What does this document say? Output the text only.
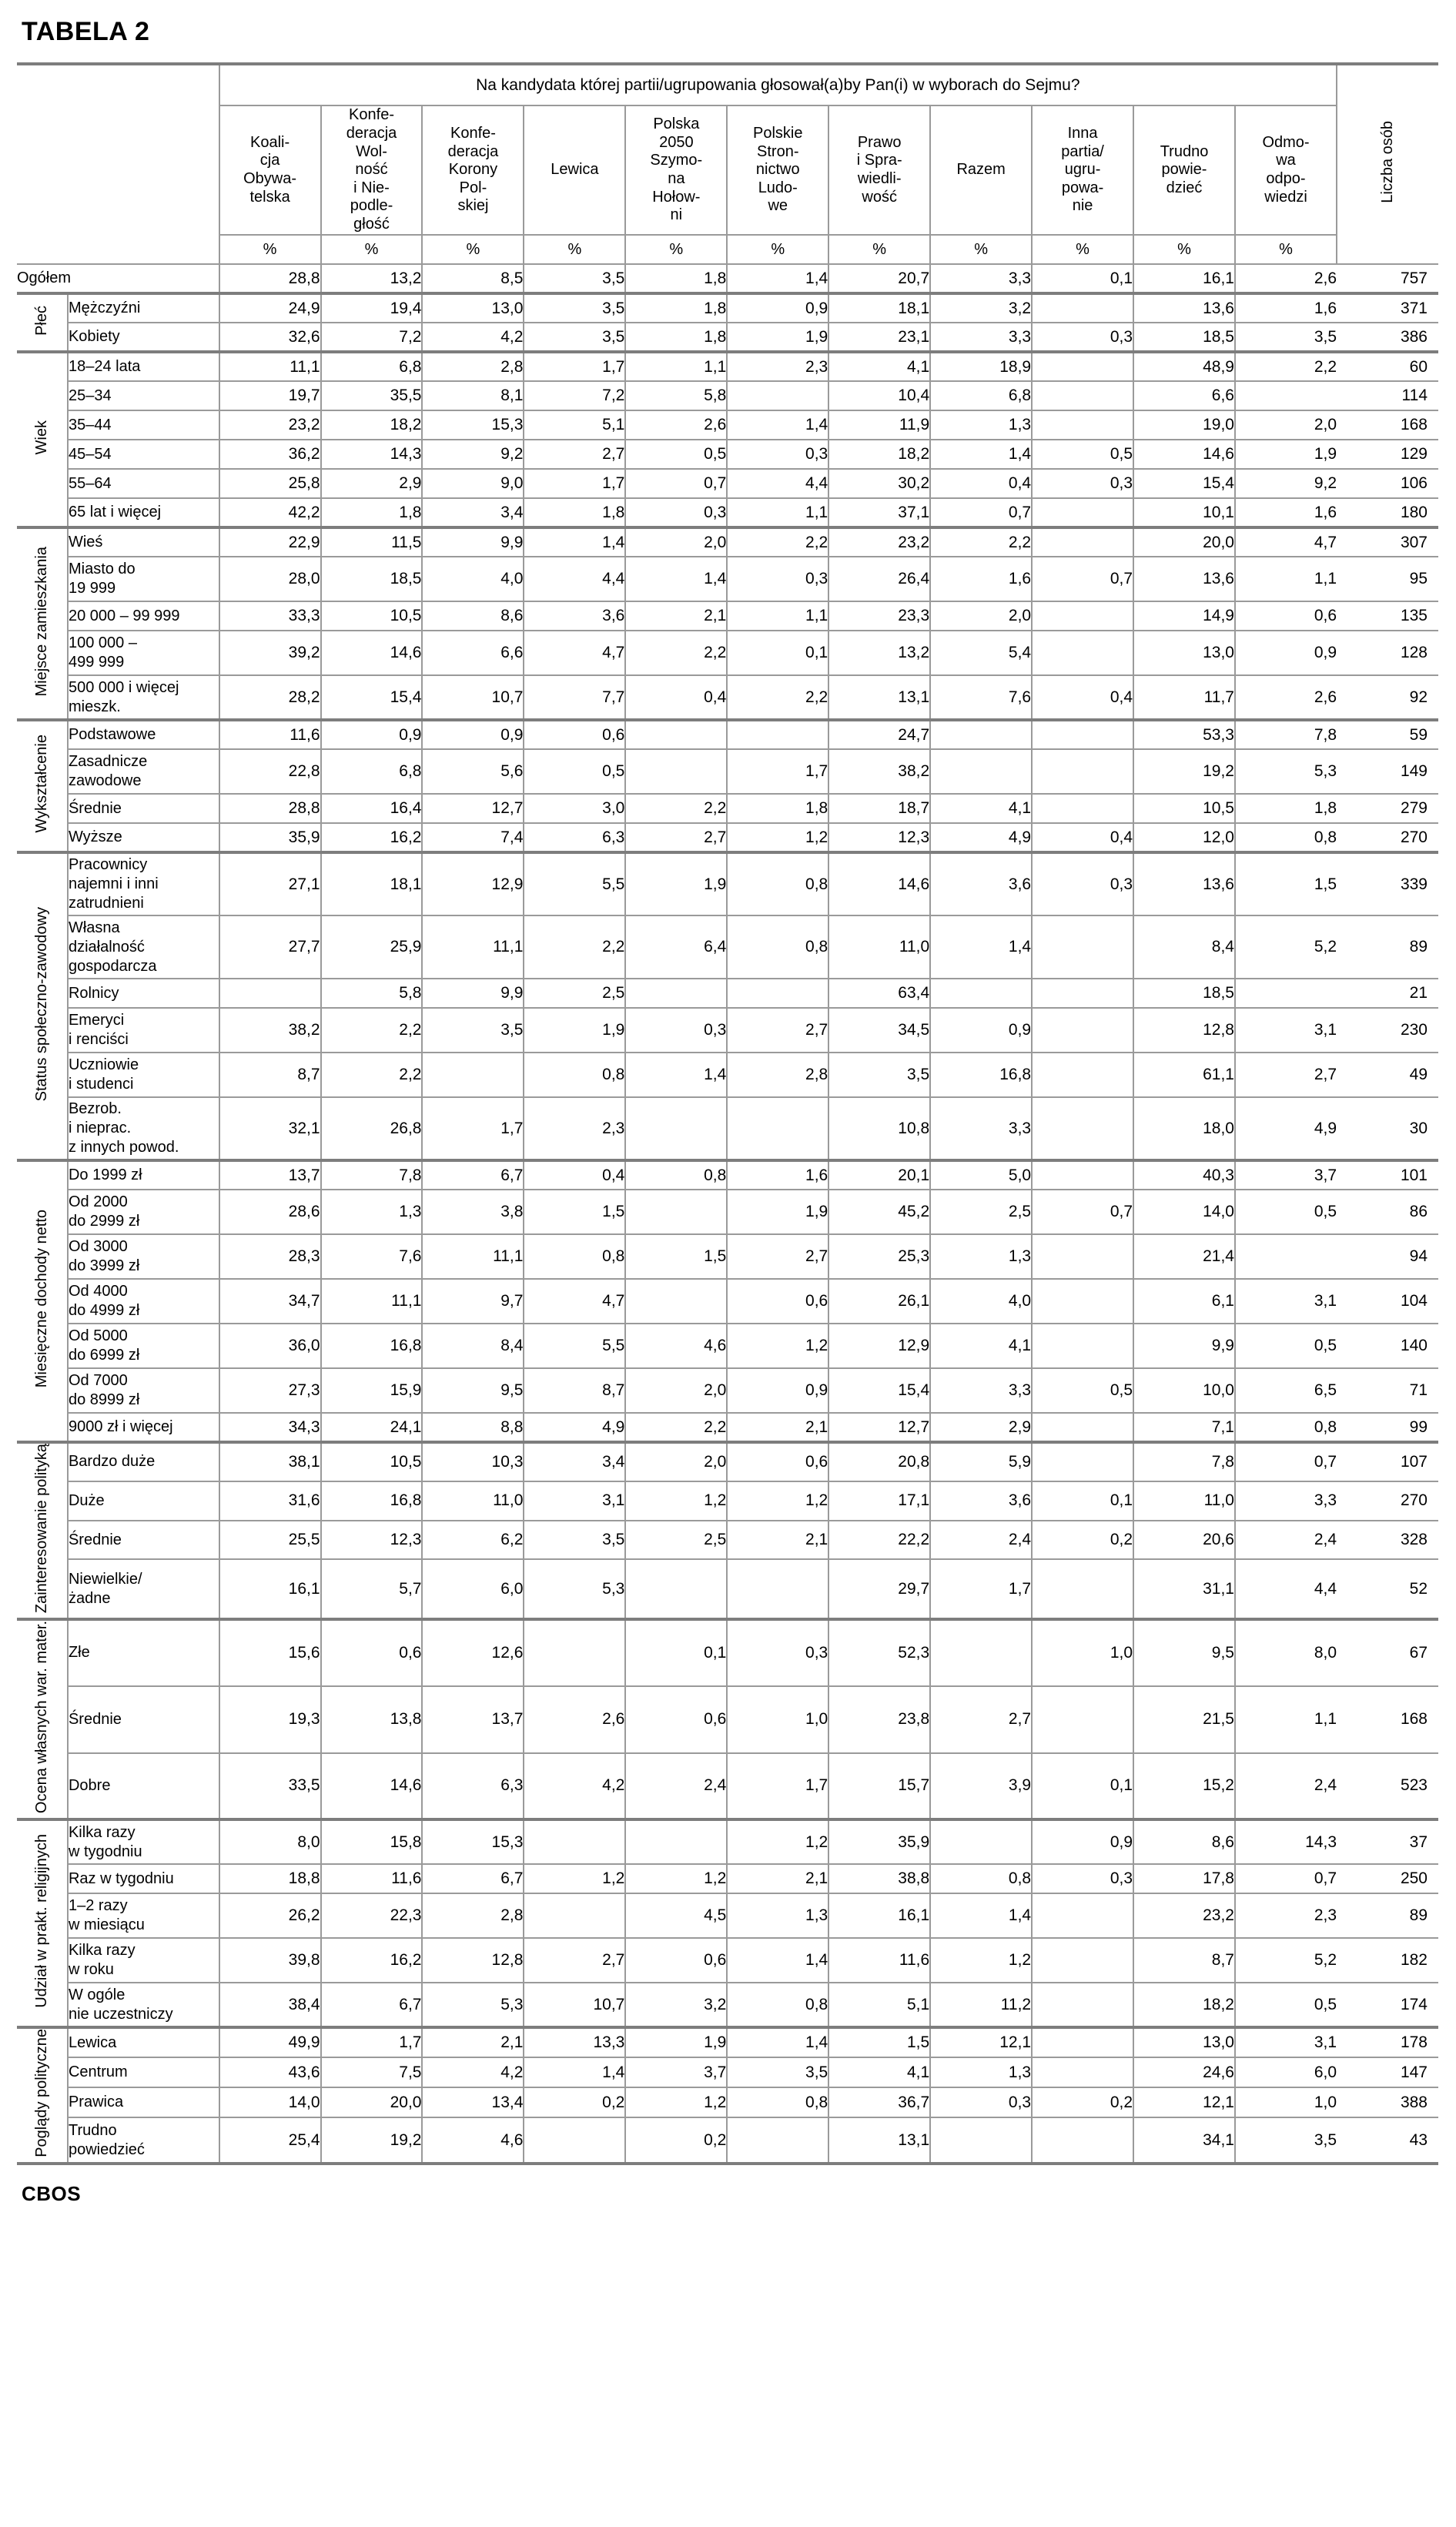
TABELA 2
		Na kandydata której partii/ugrupowania głosował(a)by Pan(i) w wyborach do Sejmu?											Liczba osób

Koali-
cja
Obywa-
telska

Konfe-
deracja
Wol-
ność
i Nie-
podle-
głość

Konfe-
deracja
Korony
Pol-
skiej

Lewica

Polska
2050
Szymo-
na
Hołow-
ni

Polskie
Stron-
nictwo
Ludo-
we

Prawo
i Spra-
wiedli-
wość

Razem

Inna
partia/
ugru-
powa-
nie

Trudno
powie-
dzieć

Odmo-
wa
odpo-
wiedzi

		%	%	%	%	%	%	%	%	%	%	%	
Ogółem		28,8	13,2	8,5	3,5	1,8	1,4	20,7	3,3	0,1	16,1	2,6	757
Płeć	Mężczyźni	24,9	19,4	13,0	3,5	1,8	0,9	18,1	3,2		13,6	1,6	371
	Kobiety	32,6	7,2	4,2	3,5	1,8	1,9	23,1	3,3	0,3	18,5	3,5	386
Wiek	18–24 lata	11,1	6,8	2,8	1,7	1,1	2,3	4,1	18,9		48,9	2,2	60
	25–34	19,7	35,5	8,1	7,2	5,8		10,4	6,8		6,6		114
	35–44	23,2	18,2	15,3	5,1	2,6	1,4	11,9	1,3		19,0	2,0	168
	45–54	36,2	14,3	9,2	2,7	0,5	0,3	18,2	1,4	0,5	14,6	1,9	129
	55–64	25,8	2,9	9,0	1,7	0,7	4,4	30,2	0,4	0,3	15,4	9,2	106
	65 lat i więcej	42,2	1,8	3,4	1,8	0,3	1,1	37,1	0,7		10,1	1,6	180
Miejsce zamieszkania	Wieś	22,9	11,5	9,9	1,4	2,0	2,2	23,2	2,2		20,0	4,7	307
	Miasto do
19 999	28,0	18,5	4,0	4,4	1,4	0,3	26,4	1,6	0,7	13,6	1,1	95
	20 000 – 99 999	33,3	10,5	8,6	3,6	2,1	1,1	23,3	2,0		14,9	0,6	135
	100 000 –
499 999	39,2	14,6	6,6	4,7	2,2	0,1	13,2	5,4		13,0	0,9	128
	500 000 i więcej
mieszk.	28,2	15,4	10,7	7,7	0,4	2,2	13,1	7,6	0,4	11,7	2,6	92
Wykształcenie	Podstawowe	11,6	0,9	0,9	0,6			24,7			53,3	7,8	59
	Zasadnicze
zawodowe	22,8	6,8	5,6	0,5		1,7	38,2			19,2	5,3	149
	Średnie	28,8	16,4	12,7	3,0	2,2	1,8	18,7	4,1		10,5	1,8	279
	Wyższe	35,9	16,2	7,4	6,3	2,7	1,2	12,3	4,9	0,4	12,0	0,8	270
Status społeczno-zawodowy	Pracownicy
najemni i inni
zatrudnieni	27,1	18,1	12,9	5,5	1,9	0,8	14,6	3,6	0,3	13,6	1,5	339
	Własna
działalność
gospodarcza	27,7	25,9	11,1	2,2	6,4	0,8	11,0	1,4		8,4	5,2	89
	Rolnicy		5,8	9,9	2,5			63,4			18,5		21
	Emeryci
i renciści	38,2	2,2	3,5	1,9	0,3	2,7	34,5	0,9		12,8	3,1	230
	Uczniowie
i studenci	8,7	2,2		0,8	1,4	2,8	3,5	16,8		61,1	2,7	49
	Bezrob.
i nieprac.
z innych powod.	32,1	26,8	1,7	2,3			10,8	3,3		18,0	4,9	30
Miesięczne dochody netto	Do 1999 zł	13,7	7,8	6,7	0,4	0,8	1,6	20,1	5,0		40,3	3,7	101
	Od 2000
do 2999 zł	28,6	1,3	3,8	1,5		1,9	45,2	2,5	0,7	14,0	0,5	86
	Od 3000
do 3999 zł	28,3	7,6	11,1	0,8	1,5	2,7	25,3	1,3		21,4		94
	Od 4000
do 4999 zł	34,7	11,1	9,7	4,7		0,6	26,1	4,0		6,1	3,1	104
	Od 5000
do 6999 zł	36,0	16,8	8,4	5,5	4,6	1,2	12,9	4,1		9,9	0,5	140
	Od 7000
do 8999 zł	27,3	15,9	9,5	8,7	2,0	0,9	15,4	3,3	0,5	10,0	6,5	71
	9000 zł i więcej	34,3	24,1	8,8	4,9	2,2	2,1	12,7	2,9		7,1	0,8	99
Zainteresowanie polityką	Bardzo duże	38,1	10,5	10,3	3,4	2,0	0,6	20,8	5,9		7,8	0,7	107
	Duże	31,6	16,8	11,0	3,1	1,2	1,2	17,1	3,6	0,1	11,0	3,3	270
	Średnie	25,5	12,3	6,2	3,5	2,5	2,1	22,2	2,4	0,2	20,6	2,4	328
	Niewielkie/
żadne	16,1	5,7	6,0	5,3			29,7	1,7		31,1	4,4	52
Ocena własnych war. mater.	Złe	15,6	0,6	12,6		0,1	0,3	52,3		1,0	9,5	8,0	67
	Średnie	19,3	13,8	13,7	2,6	0,6	1,0	23,8	2,7		21,5	1,1	168
	Dobre	33,5	14,6	6,3	4,2	2,4	1,7	15,7	3,9	0,1	15,2	2,4	523
Udział w prakt. religijnych	Kilka razy
w tygodniu	8,0	15,8	15,3			1,2	35,9		0,9	8,6	14,3	37
	Raz w tygodniu	18,8	11,6	6,7	1,2	1,2	2,1	38,8	0,8	0,3	17,8	0,7	250
	1–2 razy
w miesiącu	26,2	22,3	2,8		4,5	1,3	16,1	1,4		23,2	2,3	89
	Kilka razy
w roku	39,8	16,2	12,8	2,7	0,6	1,4	11,6	1,2		8,7	5,2	182
	W ogóle
nie uczestniczy	38,4	6,7	5,3	10,7	3,2	0,8	5,1	11,2		18,2	0,5	174
Poglądy polityczne	Lewica	49,9	1,7	2,1	13,3	1,9	1,4	1,5	12,1		13,0	3,1	178
	Centrum	43,6	7,5	4,2	1,4	3,7	3,5	4,1	1,3		24,6	6,0	147
	Prawica	14,0	20,0	13,4	0,2	1,2	0,8	36,7	0,3	0,2	12,1	1,0	388
	Trudno
powiedzieć	25,4	19,2	4,6		0,2		13,1			34,1	3,5	43
CBOS
